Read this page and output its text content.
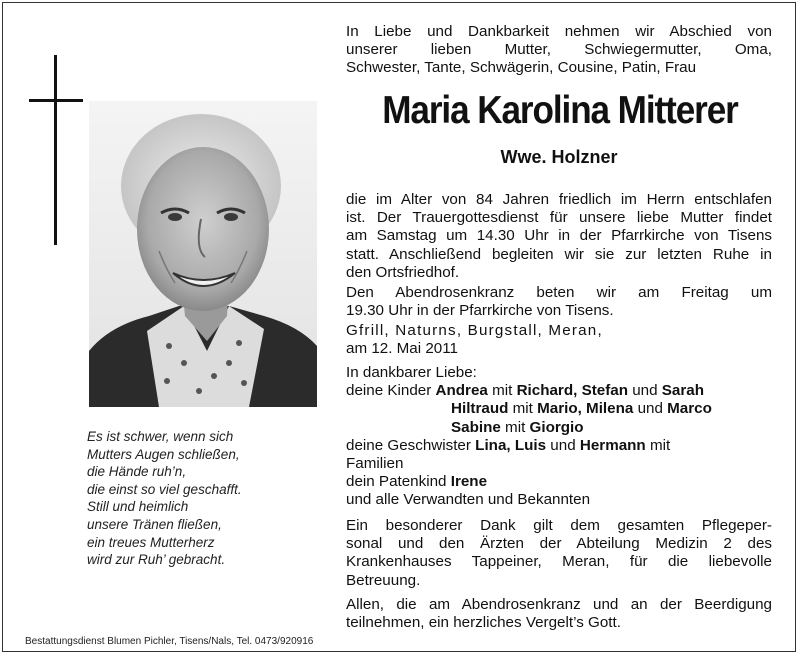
Es ist schwer, wenn sich
Mutters Augen schließen,
die Hände ruh’n,
die einst so viel geschafft.
Still und heimlich
unsere Tränen fließen,
ein treues Mutterherz
wird zur Ruh’ gebracht.
Bestattungsdienst Blumen Pichler, Tisens/Nals, Tel. 0473/920916
In Liebe und Dankbarkeit nehmen wir Abschied von
unserer lieben Mutter, Schwiegermutter, Oma,
Schwester, Tante, Schwägerin, Cousine, Patin, Frau
Maria Karolina Mitterer
Wwe. Holzner
die im Alter von 84 Jahren friedlich im Herrn entschlafen
ist. Der Trauergottesdienst für unsere liebe Mutter findet
am Samstag um 14.30 Uhr in der Pfarrkirche von Tisens
statt. Anschließend begleiten wir sie zur letzten Ruhe in
den Ortsfriedhof.
Den Abendrosenkranz beten wir am Freitag um
19.30 Uhr in der Pfarrkirche von Tisens.
Gfrill, Naturns, Burgstall, Meran,
am 12. Mai 2011
In dankbarer Liebe:
deine Kinder Andrea mit Richard, Stefan und Sarah
Hiltraud mit Mario, Milena und Marco
Sabine mit Giorgio
deine Geschwister Lina, Luis und Hermann mit
Familien
dein Patenkind Irene
und alle Verwandten und Bekannten
Ein besonderer Dank gilt dem gesamten Pflegeper-
sonal und den Ärzten der Abteilung Medizin 2 des
Krankenhauses Tappeiner, Meran, für die liebevolle
Betreuung.
Allen, die am Abendrosenkranz und an der Beerdigung
teilnehmen, ein herzliches Vergelt’s Gott.
